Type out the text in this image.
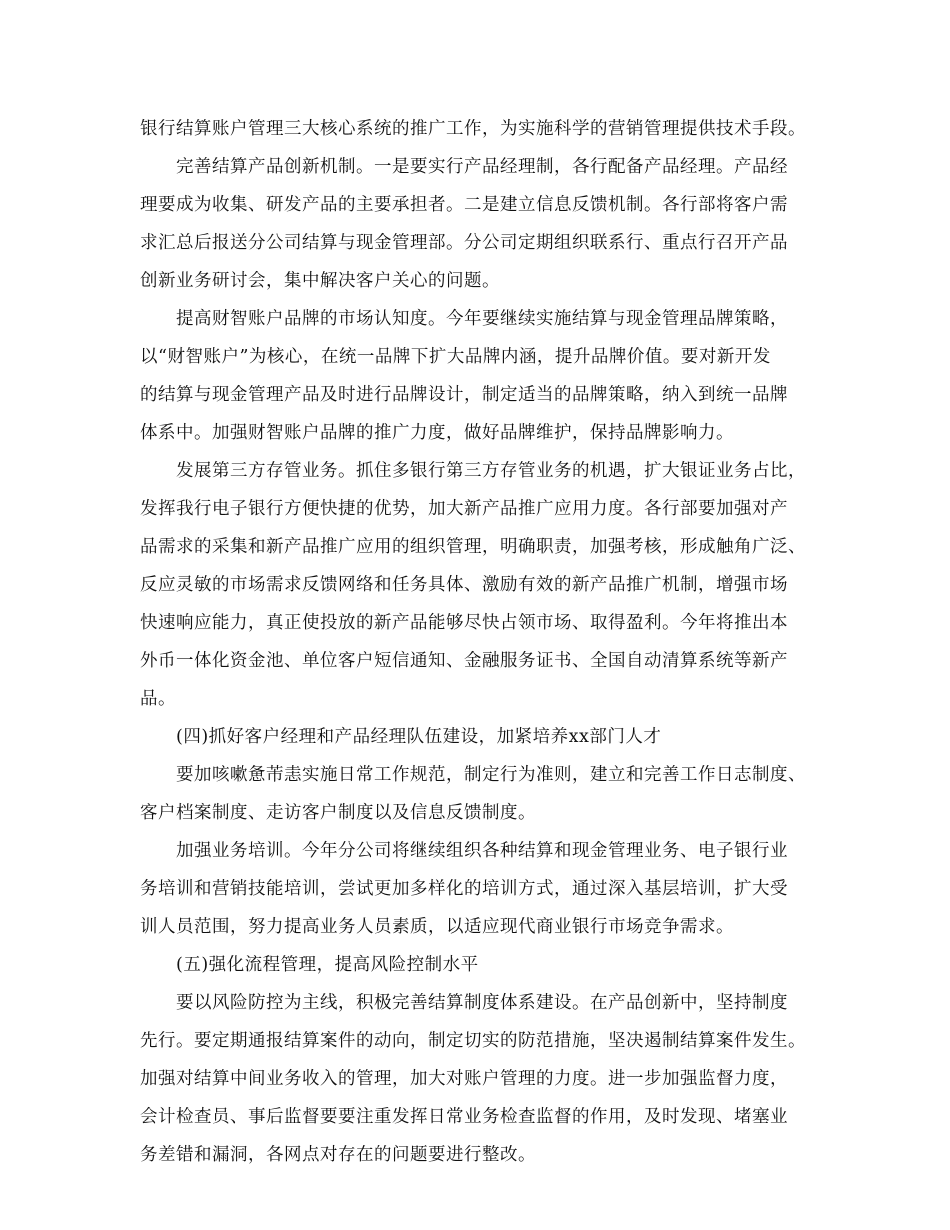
银行结算账户管理三大核心系统的推广工作，为实施科学的营销管理提供技术手段。
完善结算产品创新机制。一是要实行产品经理制，各行配备产品经理。产品经
理要成为收集、研发产品的主要承担者。二是建立信息反馈机制。各行部将客户需
求汇总后报送分公司结算与现金管理部。分公司定期组织联系行、重点行召开产品
创新业务研讨会，集中解决客户关心的问题。
提高财智账户品牌的市场认知度。今年要继续实施结算与现金管理品牌策略，
以“财智账户”为核心，在统一品牌下扩大品牌内涵，提升品牌价值。要对新开发
的结算与现金管理产品及时进行品牌设计，制定适当的品牌策略，纳入到统一品牌
体系中。加强财智账户品牌的推广力度，做好品牌维护，保持品牌影响力。
发展第三方存管业务。抓住多银行第三方存管业务的机遇，扩大银证业务占比，
发挥我行电子银行方便快捷的优势，加大新产品推广应用力度。各行部要加强对产
品需求的采集和新产品推广应用的组织管理，明确职责，加强考核，形成触角广泛、
反应灵敏的市场需求反馈网络和任务具体、激励有效的新产品推广机制，增强市场
快速响应能力，真正使投放的新产品能够尽快占领市场、取得盈利。今年将推出本
外币一体化资金池、单位客户短信通知、金融服务证书、全国自动清算系统等新产
品。
(四)抓好客户经理和产品经理队伍建设，加紧培养xx部门人才
要加咳嗽惫芾恚实施日常工作规范，制定行为准则，建立和完善工作日志制度、
客户档案制度、走访客户制度以及信息反馈制度。
加强业务培训。今年分公司将继续组织各种结算和现金管理业务、电子银行业
务培训和营销技能培训，尝试更加多样化的培训方式，通过深入基层培训，扩大受
训人员范围，努力提高业务人员素质，以适应现代商业银行市场竞争需求。
(五)强化流程管理，提高风险控制水平
要以风险防控为主线，积极完善结算制度体系建设。在产品创新中，坚持制度
先行。要定期通报结算案件的动向，制定切实的防范措施，坚决遏制结算案件发生。
加强对结算中间业务收入的管理，加大对账户管理的力度。进一步加强监督力度，
会计检查员、事后监督要要注重发挥日常业务检查监督的作用，及时发现、堵塞业
务差错和漏洞，各网点对存在的问题要进行整改。
